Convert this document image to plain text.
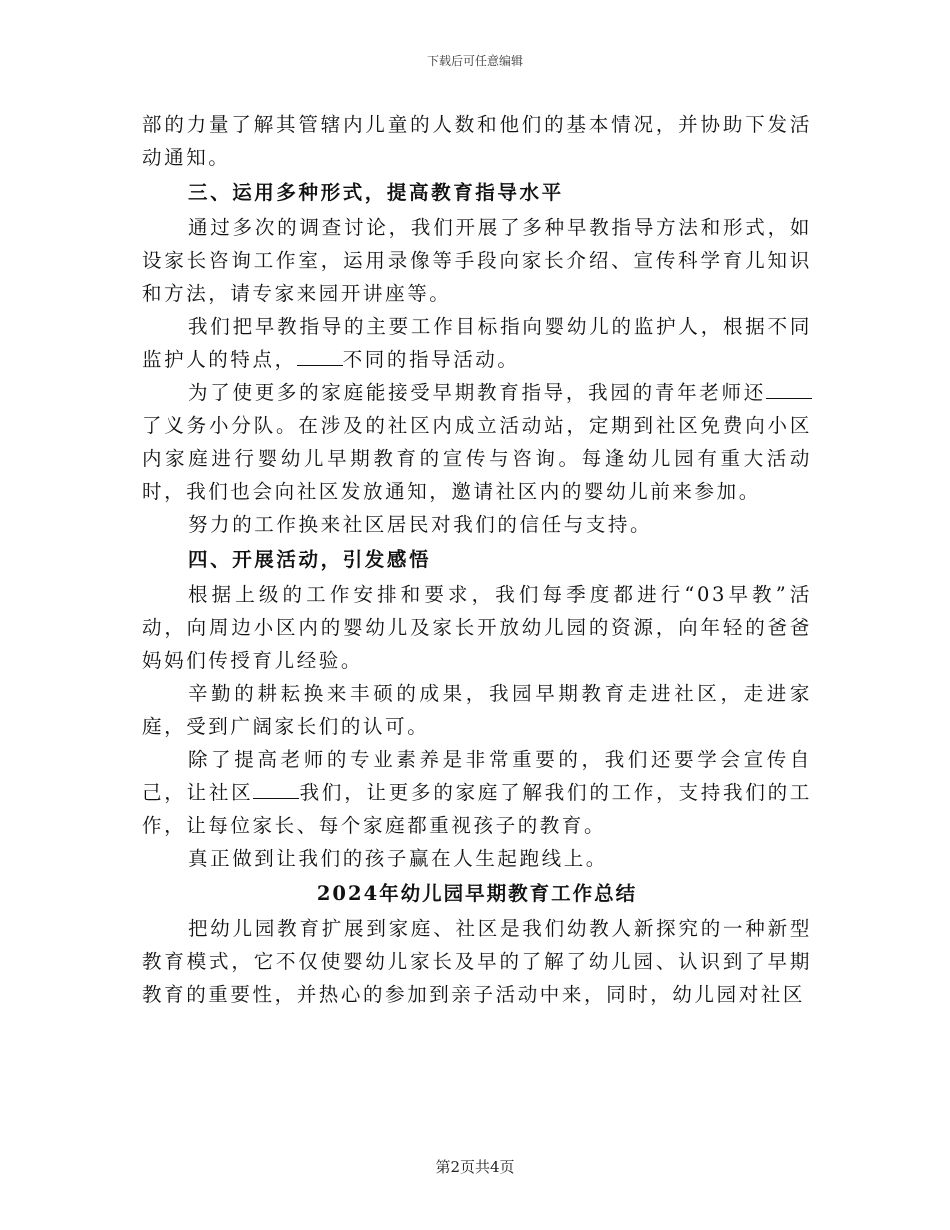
下载后可任意编辑

部的力量了解其管辖内儿童的人数和他们的基本情况，并协助下发活动通知。

三、运用多种形式，提高教育指导水平

通过多次的调查讨论，我们开展了多种早教指导方法和形式，如设家长咨询工作室，运用录像等手段向家长介绍、宣传科学育儿知识和方法，请专家来园开讲座等。

我们把早教指导的主要工作目标指向婴幼儿的监护人，根据不同监护人的特点， 不同的指导活动。

为了使更多的家庭能接受早期教育指导，我园的青年老师还了义务小分队。在涉及的社区内成立活动站，定期到社区免费向小区内家庭进行婴幼儿早期教育的宣传与咨询。每逢幼儿园有重大活动时，我们也会向社区发放通知，邀请社区内的婴幼儿前来参加。

努力的工作换来社区居民对我们的信任与支持。

四、开展活动，引发感悟

根据上级的工作安排和要求，我们每季度都进行“03早教”活动，向周边小区内的婴幼儿及家长开放幼儿园的资源，向年轻的爸爸妈妈们传授育儿经验。

辛勤的耕耘换来丰硕的成果，我园早期教育走进社区，走进家庭，受到广阔家长们的认可。

除了提高老师的专业素养是非常重要的，我们还要学会宣传自己，让社区 我们，让更多的家庭了解我们的工作，支持我们的工作，让每位家长、每个家庭都重视孩子的教育。

真正做到让我们的孩子赢在人生起跑线上。

2024年幼儿园早期教育工作总结

把幼儿园教育扩展到家庭、社区是我们幼教人新探究的一种新型教育模式，它不仅使婴幼儿家长及早的了解了幼儿园、认识到了早期教育的重要性，并热心的参加到亲子活动中来，同时，幼儿园对社区

第2页共4页
